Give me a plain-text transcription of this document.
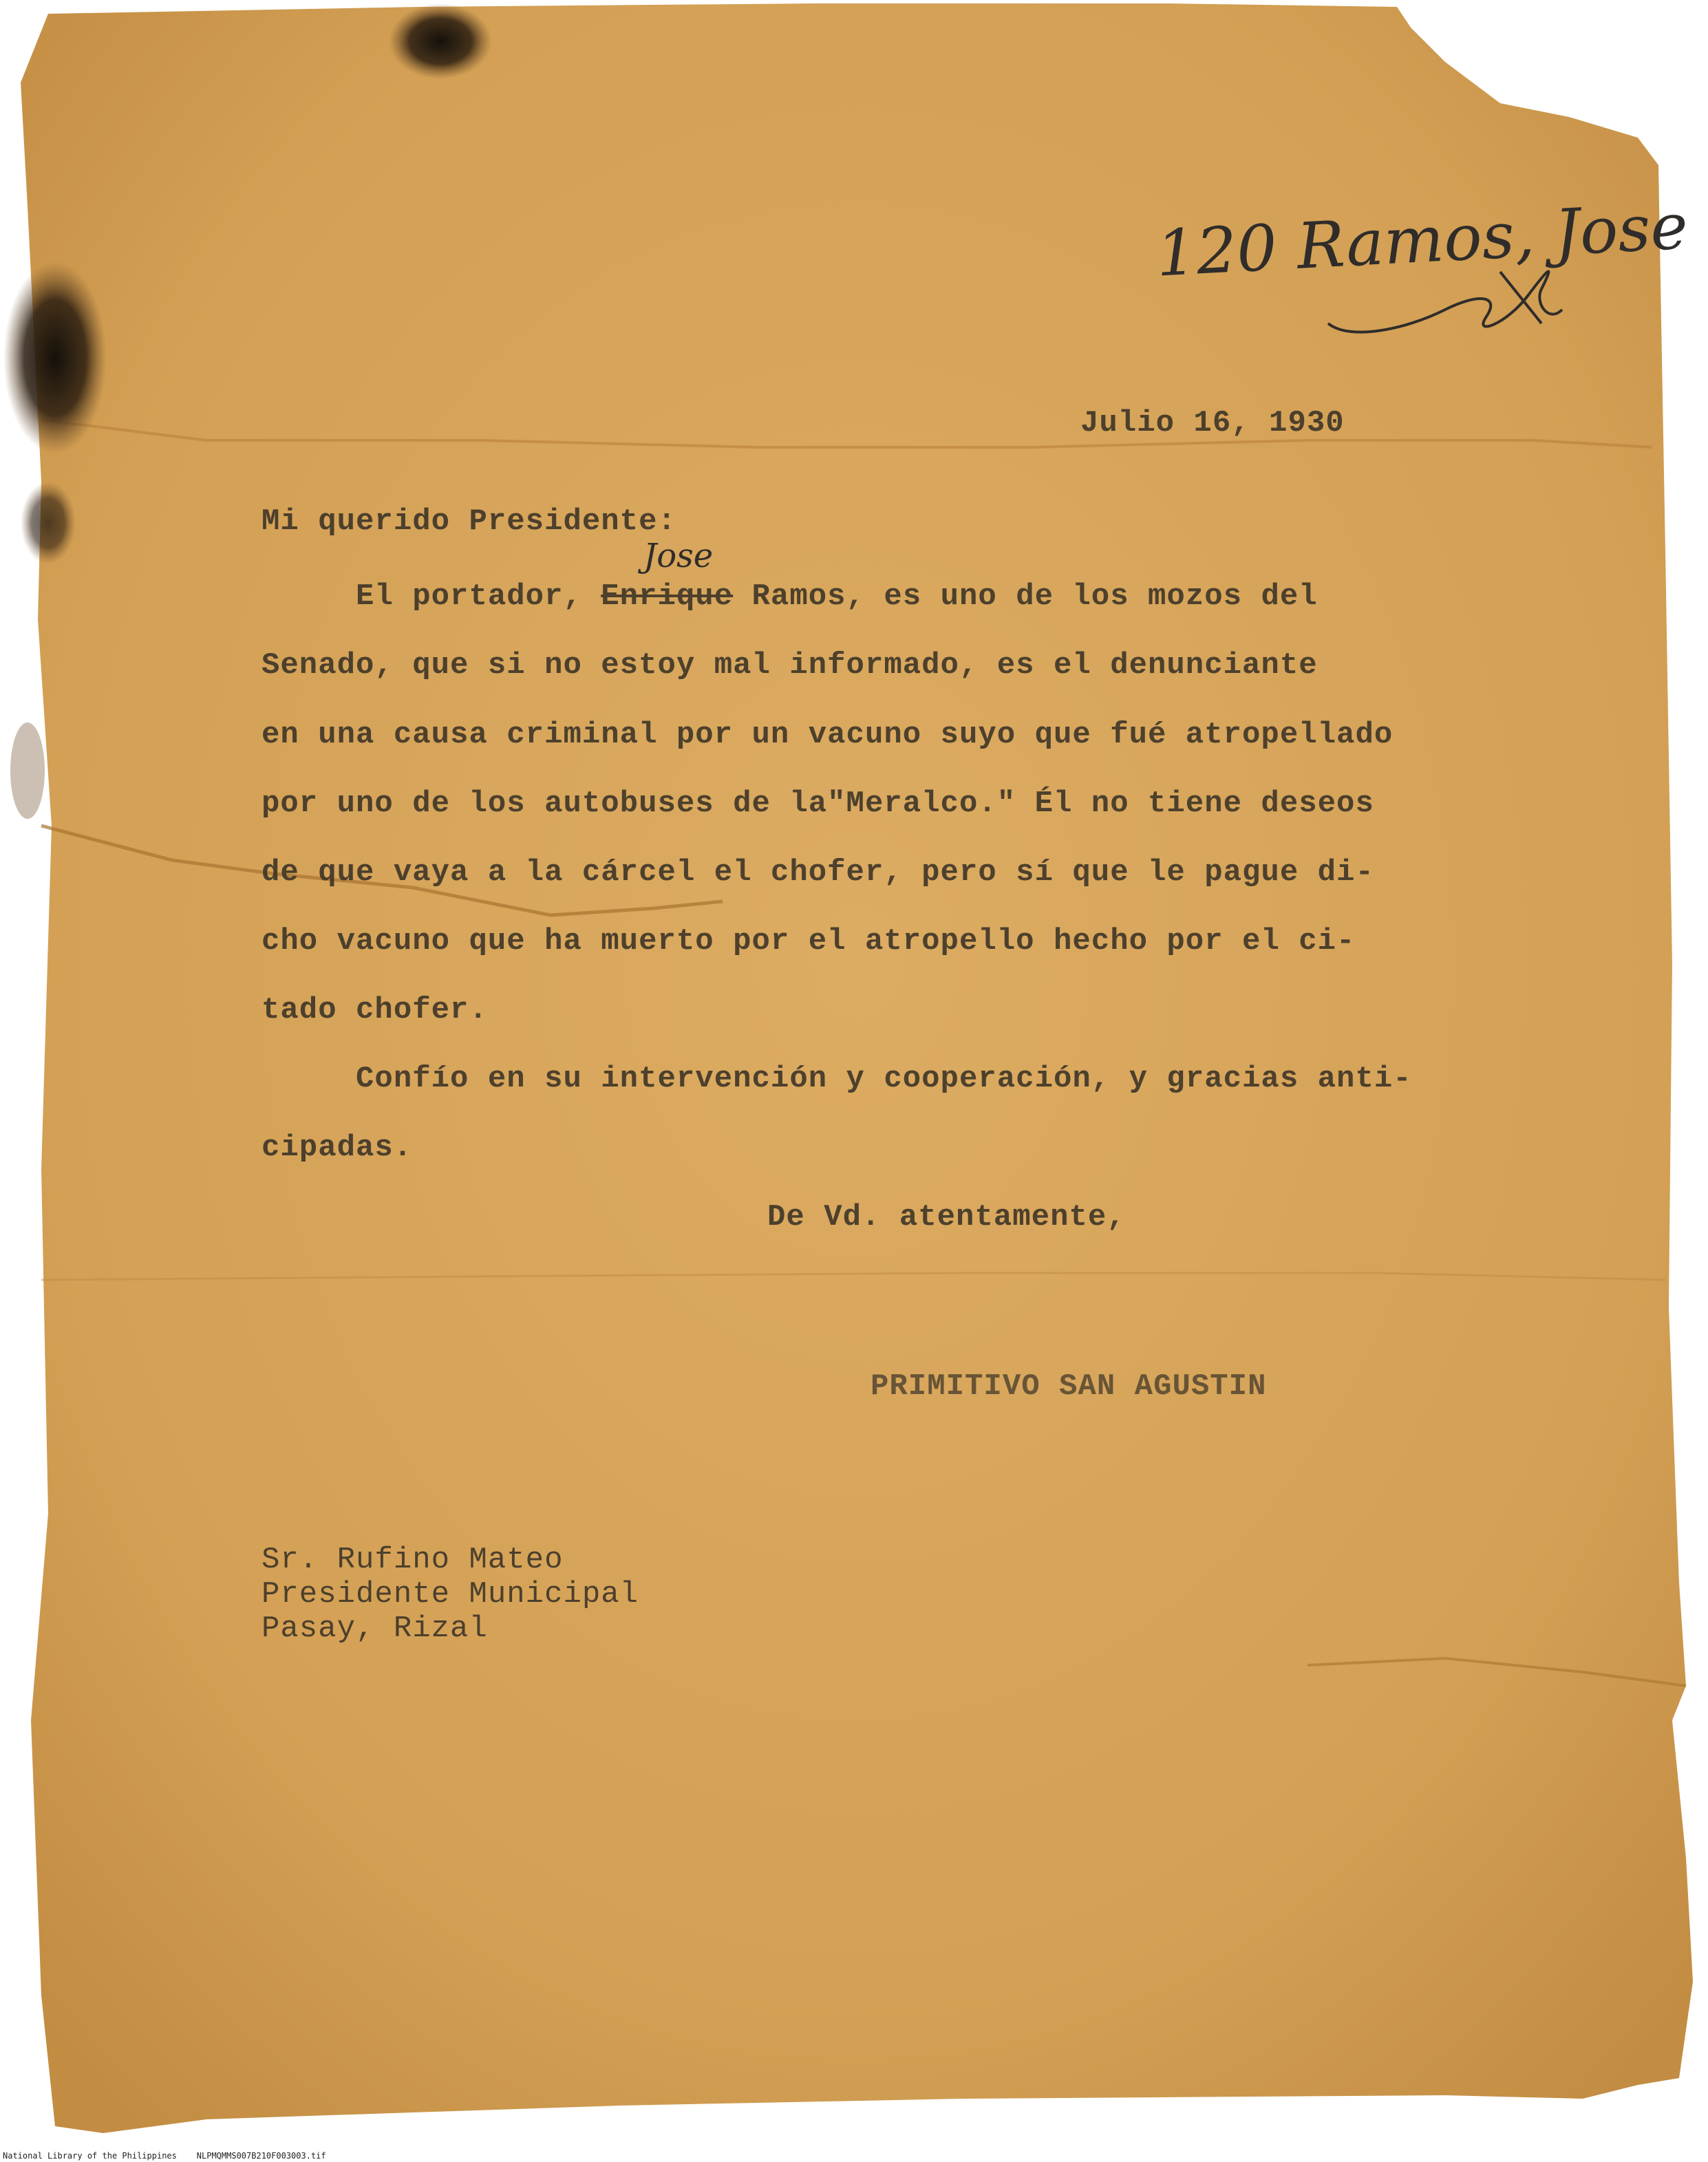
120 Ramos, Jose

Julio 16, 1930

Mi querido Presidente:

Jose

El portador, Enrique Ramos, es uno de los mozos del

Senado, que si no estoy mal informado, es el denunciante

en una causa criminal por un vacuno suyo que fué atropellado

por uno de los autobuses de la"Meralco." Él no tiene deseos

de que vaya a la cárcel el chofer, pero sí que le pague di-

cho vacuno que ha muerto por el atropello hecho por el ci-

tado chofer.

Confío en su intervención y cooperación, y gracias anti-

cipadas.

De Vd. atentamente,

PRIMITIVO SAN AGUSTIN

Sr. Rufino Mateo

Presidente Municipal

Pasay, Rizal

National Library of the Philippines NLPMQMMS007B210F003003.tif
